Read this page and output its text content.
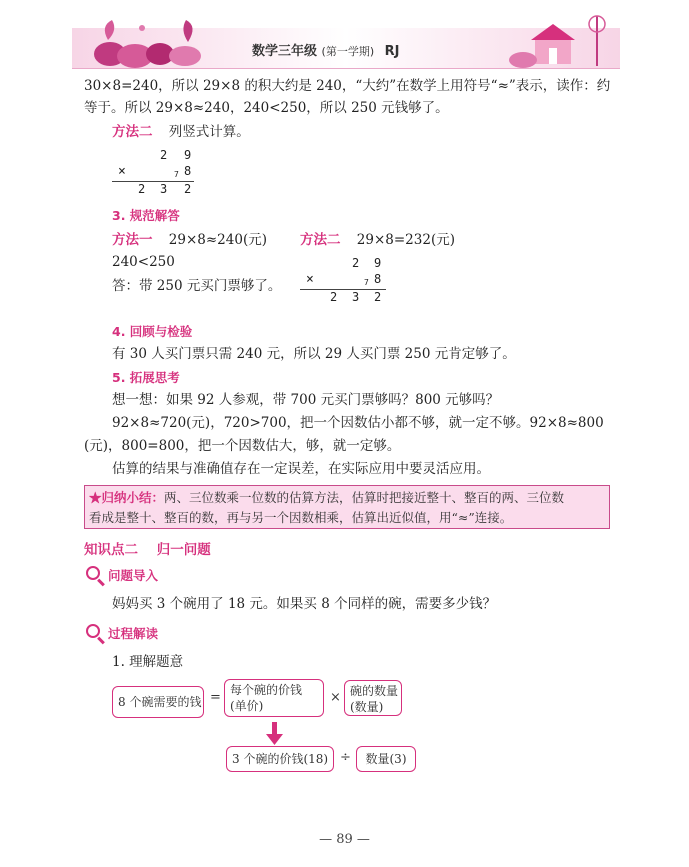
数学三年级 (第一学期) RJ
30×8=240，所以 29×8 的积大约是 240，“大约”在数学上用符号“≈”表示，读作：约
等于。所以 29×8≈240，240<250，所以 250 元钱够了。
方法二 列竖式计算。
2 9
×	7 8
2 3 2
3. 规范解答
方法一 29×8≈240(元) 方法二 29×8=232(元)
240<250
答：带 250 元买门票够了。
2 9
×	7 8
2 3 2
4. 回顾与检验
有 30 人买门票只需 240 元，所以 29 人买门票 250 元肯定够了。
5. 拓展思考
想一想：如果 92 人参观，带 700 元买门票够吗？800 元够吗？
92×8≈720(元)，720>700，把一个因数估小都不够，就一定不够。92×8≈800
(元)，800=800，把一个因数估大，够，就一定够。
估算的结果与准确值存在一定误差，在实际应用中要灵活应用。
★归纳小结：两、三位数乘一位数的估算方法，估算时把接近整十、整百的两、三位数
看成是整十、整百的数，再与另一个因数相乘，估算出近似值，用“≈”连接。
知识点二 归一问题
问题导入
妈妈买 3 个碗用了 18 元。如果买 8 个同样的碗，需要多少钱？
过程解读
1. 理解题意
8 个碗需要的钱 = 每个碗的价钱
(单价)
× 碗的数量
(数量)
3 个碗的价钱(18) ÷	数量(3)
— 89 —
